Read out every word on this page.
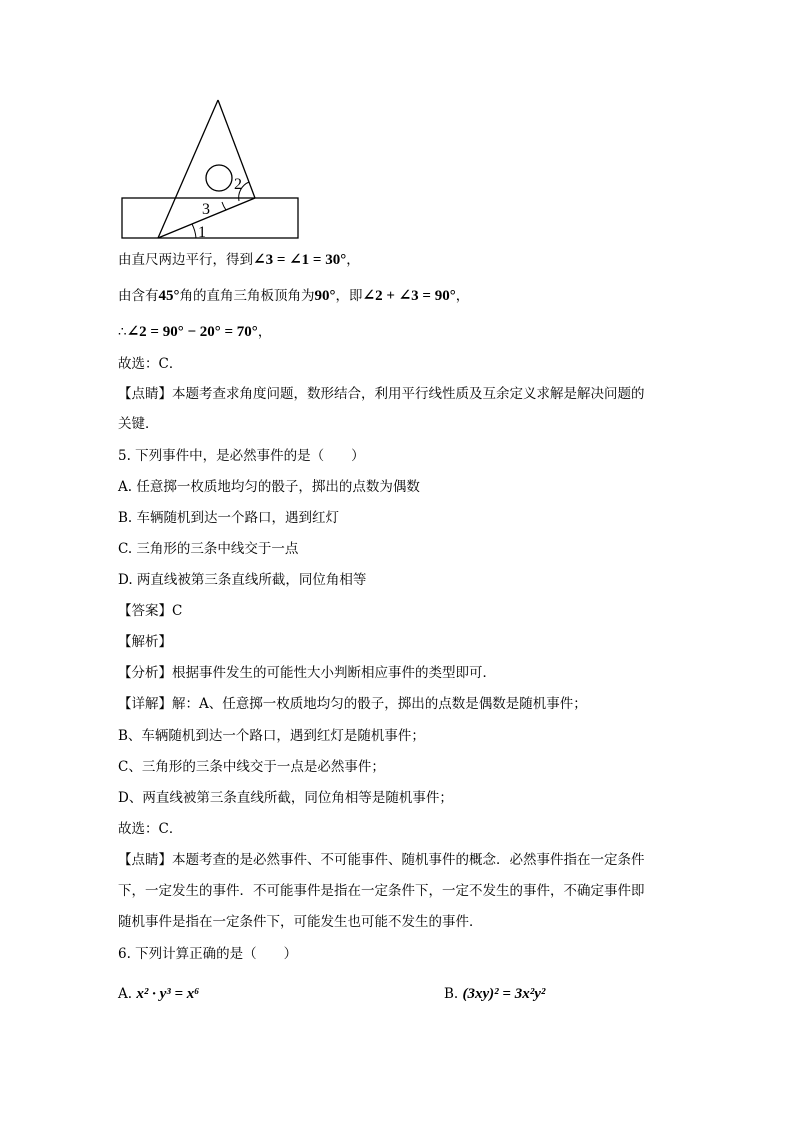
1
2
3
由直尺两边平行，得到∠3 = ∠1 = 30°，
由含有45°角的直角三角板顶角为90°，即∠2 + ∠3 = 90°，
∴∠2 = 90° − 20° = 70°，
故选：C．
【点睛】本题考查求角度问题，数形结合，利用平行线性质及互余定义求解是解决问题的
关键．
5. 下列事件中，是必然事件的是（　　）
A. 任意掷一枚质地均匀的骰子，掷出的点数为偶数
B. 车辆随机到达一个路口，遇到红灯
C. 三角形的三条中线交于一点
D. 两直线被第三条直线所截，同位角相等
【答案】C
【解析】
【分析】根据事件发生的可能性大小判断相应事件的类型即可．
【详解】解：A、任意掷一枚质地均匀的骰子，掷出的点数是偶数是随机事件；
B、车辆随机到达一个路口，遇到红灯是随机事件；
C、三角形的三条中线交于一点是必然事件；
D、两直线被第三条直线所截，同位角相等是随机事件；
故选：C．
【点睛】本题考查的是必然事件、不可能事件、随机事件的概念．必然事件指在一定条件
下，一定发生的事件．不可能事件是指在一定条件下，一定不发生的事件，不确定事件即
随机事件是指在一定条件下，可能发生也可能不发生的事件．
6. 下列计算正确的是（　　）
A. x² · y³ = x⁶	B. (3xy)² = 3x²y²
